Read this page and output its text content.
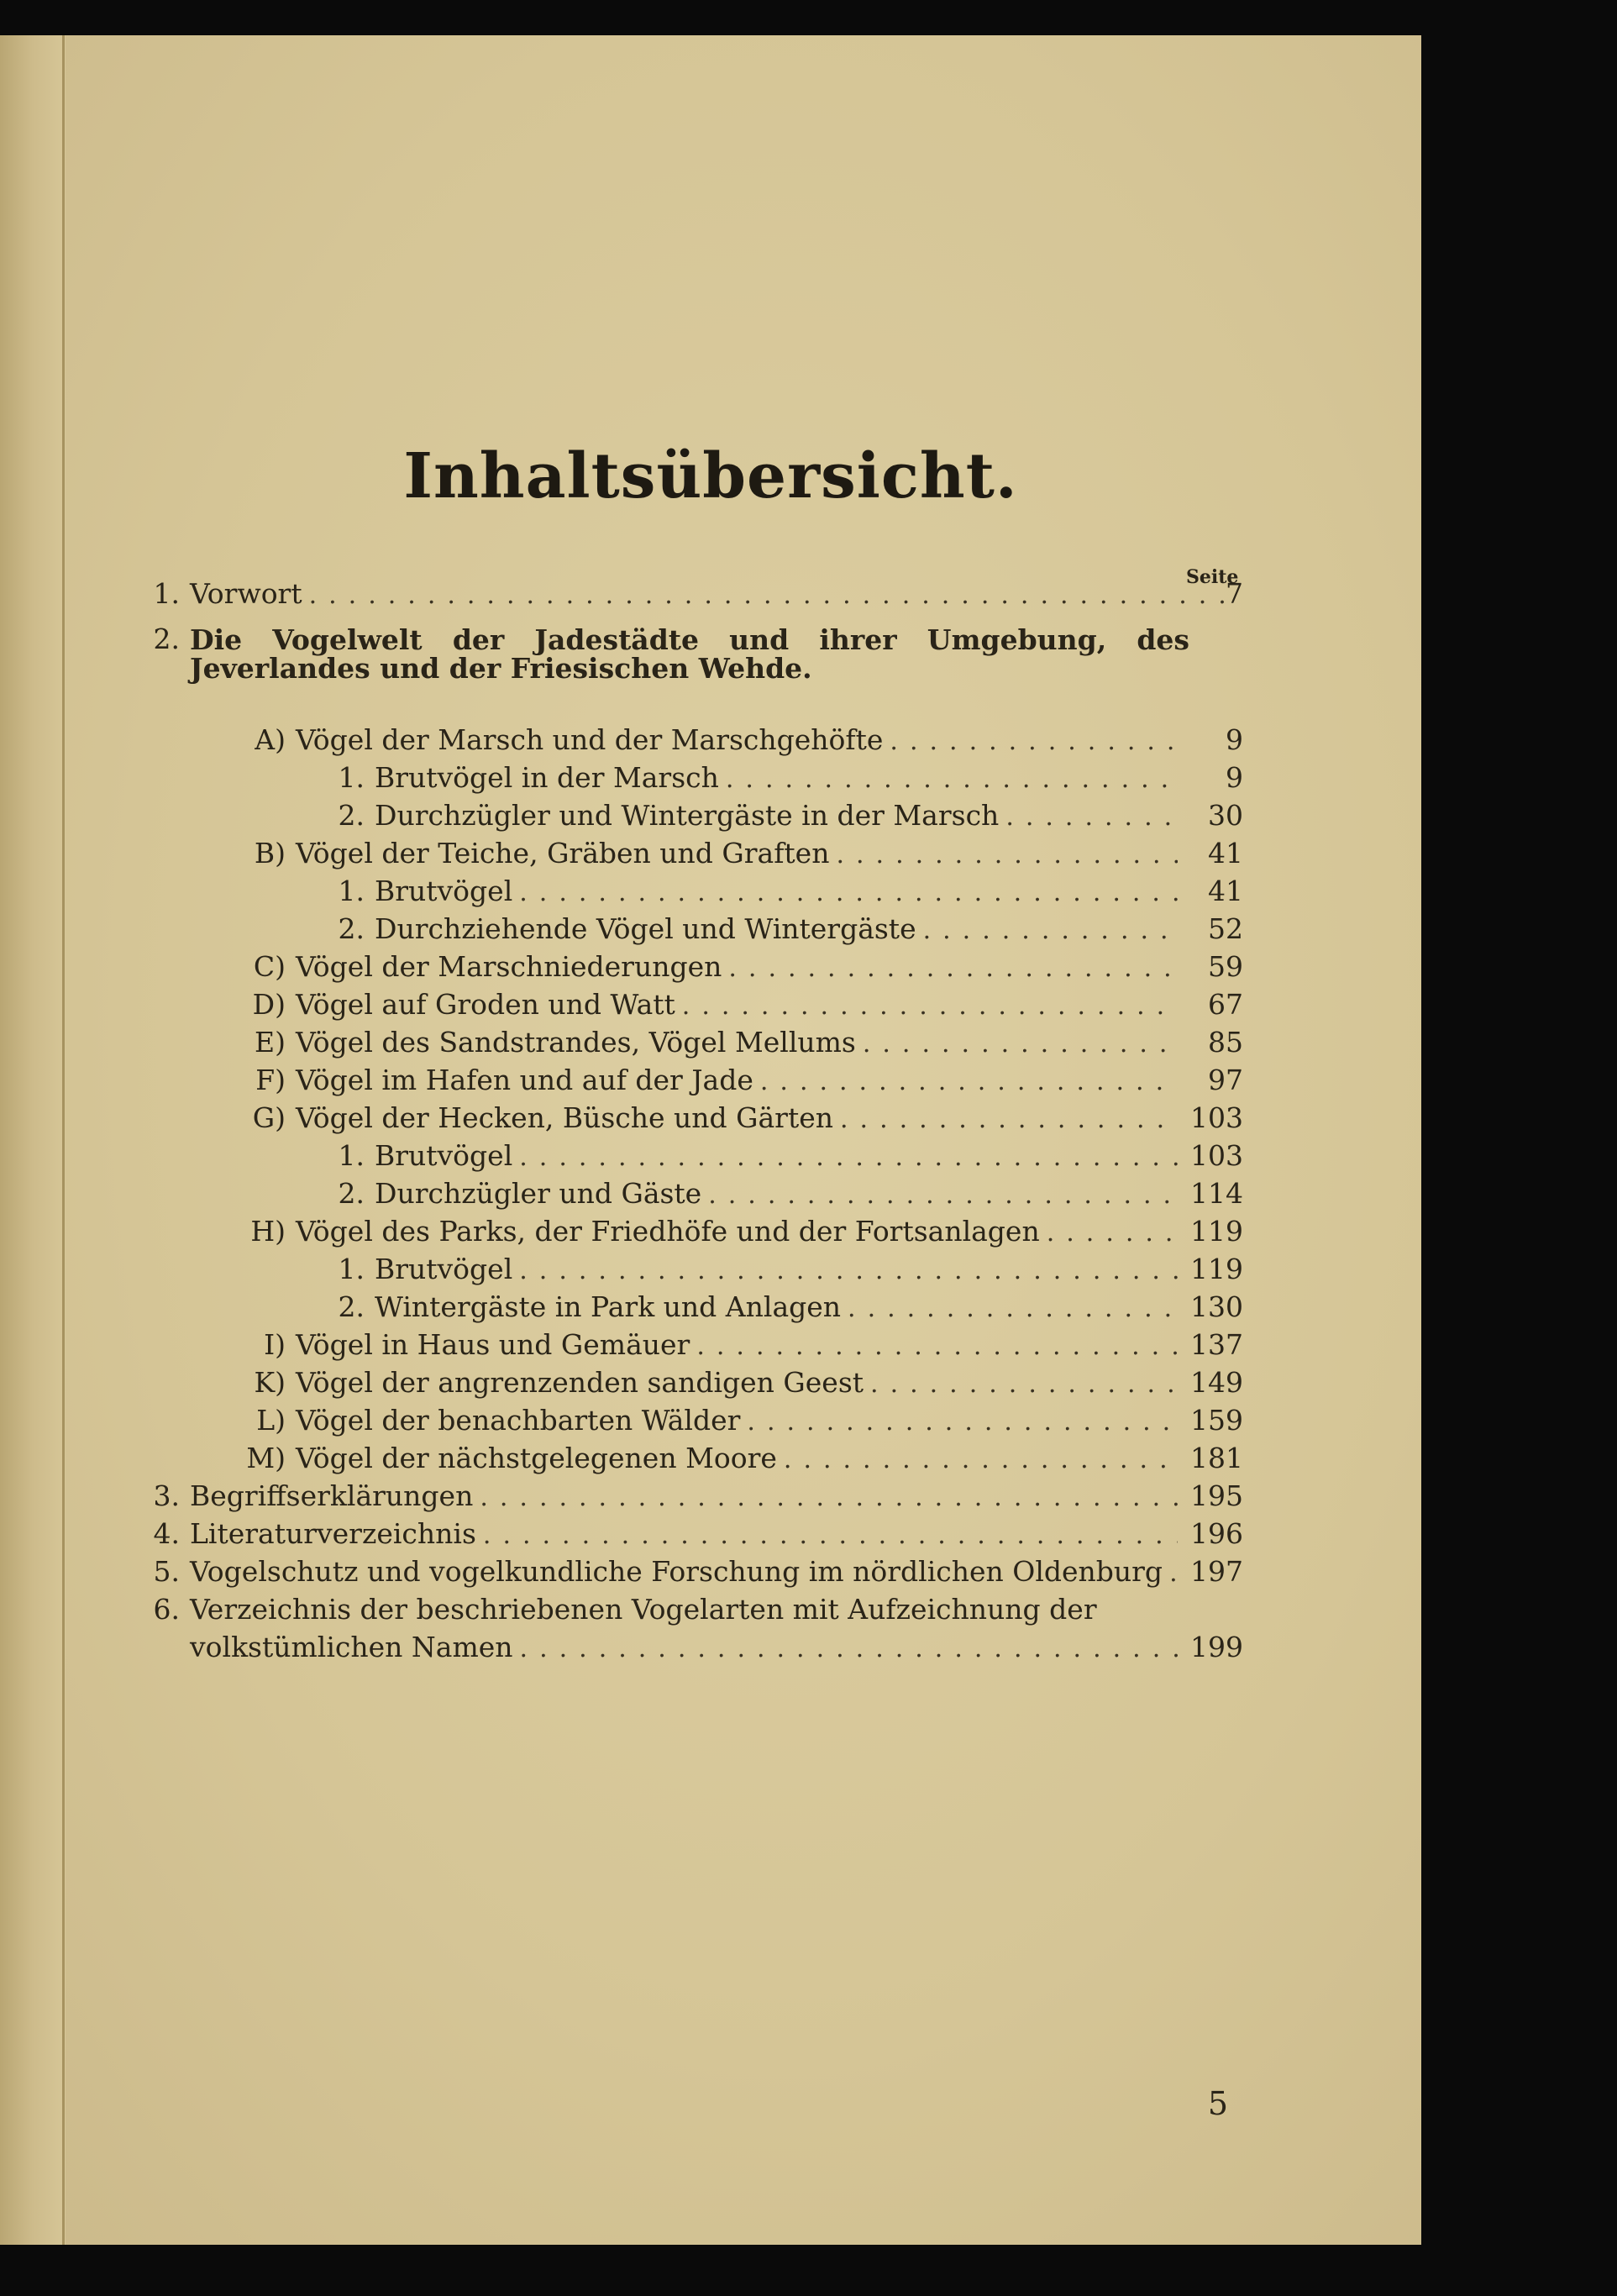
Inhaltsübersicht.
Seite
1. Vorwort .....	7
2. Die Vogelwelt der Jadestädte und ihrer Umgebung, des Jeverlandes und der Friesischen Wehde.
A) Vögel der Marsch und der Marschgehöfte .....	9
1. Brutvögel in der Marsch .....	9
2. Durchzügler und Wintergäste in der Marsch .....	30
B) Vögel der Teiche, Gräben und Graften .....	41
1. Brutvögel .....	41
2. Durchziehende Vögel und Wintergäste .....	52
C) Vögel der Marschniederungen .....	59
D) Vögel auf Groden und Watt .....	67
E) Vögel des Sandstrandes, Vögel Mellums .....	85
F) Vögel im Hafen und auf der Jade .....	97
G) Vögel der Hecken, Büsche und Gärten .....	103
1. Brutvögel .....	103
2. Durchzügler und Gäste .....	114
H) Vögel des Parks, der Friedhöfe und der Fortsanlagen .....	119
1. Brutvögel .....	119
2. Wintergäste in Park und Anlagen .....	130
I) Vögel in Haus und Gemäuer .....	137
K) Vögel der angrenzenden sandigen Geest .....	149
L) Vögel der benachbarten Wälder .....	159
M) Vögel der nächstgelegenen Moore .....	181
3. Begriffserklärungen .....	195
4. Literaturverzeichnis .....	196
5. Vogelschutz und vogelkundliche Forschung im nördlichen Oldenburg ..... 197
6. Verzeichnis der beschriebenen Vogelarten mit Aufzeichnung der
volkstümlichen Namen .....	199
5
